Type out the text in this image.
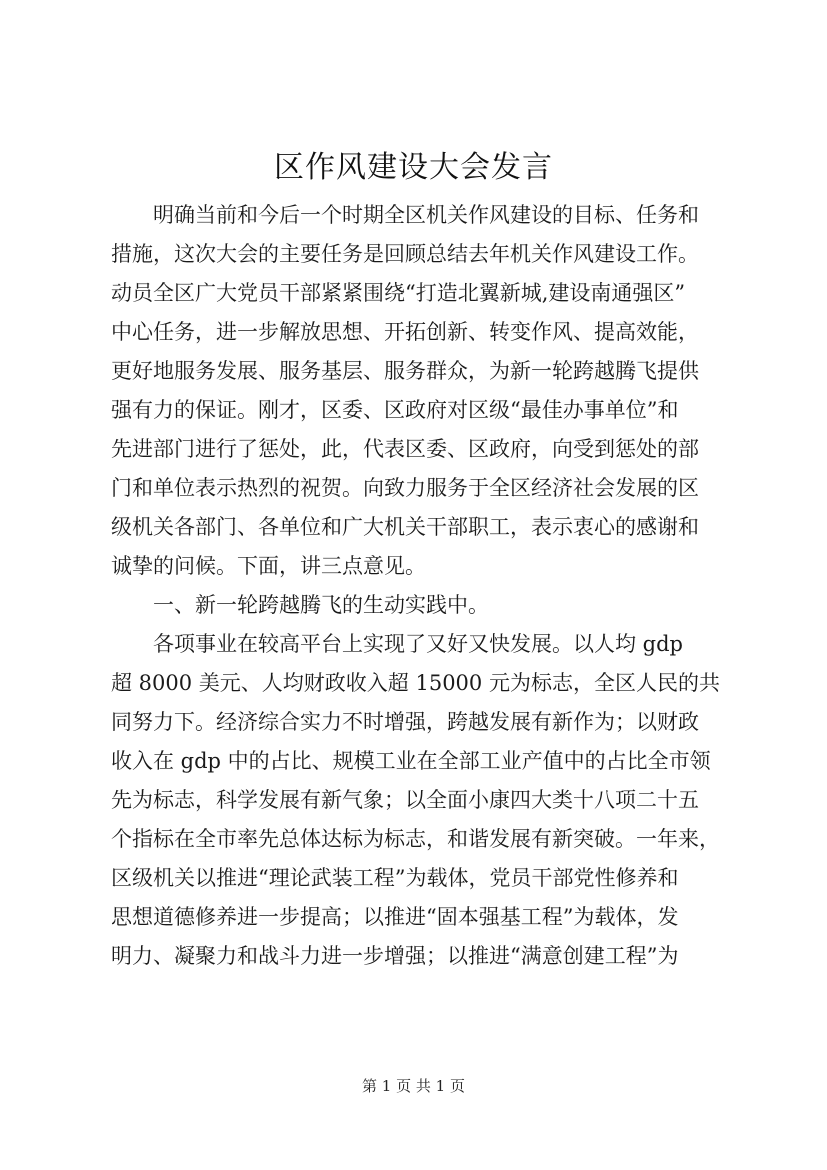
区作风建设大会发言
明确当前和今后一个时期全区机关作风建设的目标、任务和
措施，这次大会的主要任务是回顾总结去年机关作风建设工作。
动员全区广大党员干部紧紧围绕“打造北翼新城,建设南通强区”
中心任务，进一步解放思想、开拓创新、转变作风、提高效能，
更好地服务发展、服务基层、服务群众，为新一轮跨越腾飞提供
强有力的保证。刚才，区委、区政府对区级“最佳办事单位”和
先进部门进行了惩处，此，代表区委、区政府，向受到惩处的部
门和单位表示热烈的祝贺。向致力服务于全区经济社会发展的区
级机关各部门、各单位和广大机关干部职工，表示衷心的感谢和
诚挚的问候。下面，讲三点意见。
一、新一轮跨越腾飞的生动实践中。
各项事业在较高平台上实现了又好又快发展。以人均 gdp
超 8000 美元、人均财政收入超 15000 元为标志，全区人民的共
同努力下。经济综合实力不时增强，跨越发展有新作为；以财政
收入在 gdp 中的占比、规模工业在全部工业产值中的占比全市领
先为标志，科学发展有新气象；以全面小康四大类十八项二十五
个指标在全市率先总体达标为标志，和谐发展有新突破。一年来，
区级机关以推进“理论武装工程”为载体，党员干部党性修养和
思想道德修养进一步提高；以推进“固本强基工程”为载体，发
明力、凝聚力和战斗力进一步增强；以推进“满意创建工程”为
第 1 页 共 1 页
